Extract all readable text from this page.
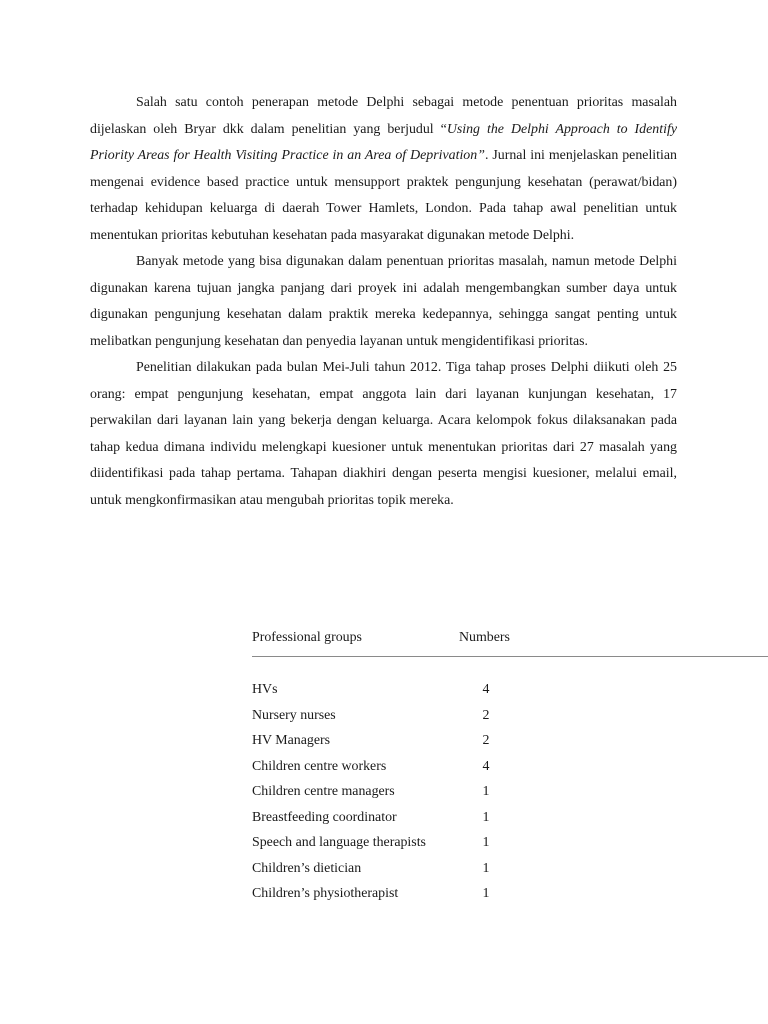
Salah satu contoh penerapan metode Delphi sebagai metode penentuan prioritas masalah dijelaskan oleh Bryar dkk dalam penelitian yang berjudul “Using the Delphi Approach to Identify Priority Areas for Health Visiting Practice in an Area of Deprivation”. Jurnal ini menjelaskan penelitian mengenai evidence based practice untuk mensupport praktek pengunjung kesehatan (perawat/bidan) terhadap kehidupan keluarga di daerah Tower Hamlets, London. Pada tahap awal penelitian untuk menentukan prioritas kebutuhan kesehatan pada masyarakat digunakan metode Delphi.

Banyak metode yang bisa digunakan dalam penentuan prioritas masalah, namun metode Delphi digunakan karena tujuan jangka panjang dari proyek ini adalah mengembangkan sumber daya untuk digunakan pengunjung kesehatan dalam praktik mereka kedepannya, sehingga sangat penting untuk melibatkan pengunjung kesehatan dan penyedia layanan untuk mengidentifikasi prioritas.

Penelitian dilakukan pada bulan Mei-Juli tahun 2012. Tiga tahap proses Delphi diikuti oleh 25 orang: empat pengunjung kesehatan, empat anggota lain dari layanan kunjungan kesehatan, 17 perwakilan dari layanan lain yang bekerja dengan keluarga. Acara kelompok fokus dilaksanakan pada tahap kedua dimana individu melengkapi kuesioner untuk menentukan prioritas dari 27 masalah yang diidentifikasi pada tahap pertama. Tahapan diakhiri dengan peserta mengisi kuesioner, melalui email, untuk mengkonfirmasikan atau mengubah prioritas topik mereka.

Professional groups	Numbers
HVs	4
Nursery nurses	2
HV Managers	2
Children centre workers	4
Children centre managers	1
Breastfeeding coordinator	1
Speech and language therapists	1
Children’s dietician	1
Children’s physiotherapist	1
